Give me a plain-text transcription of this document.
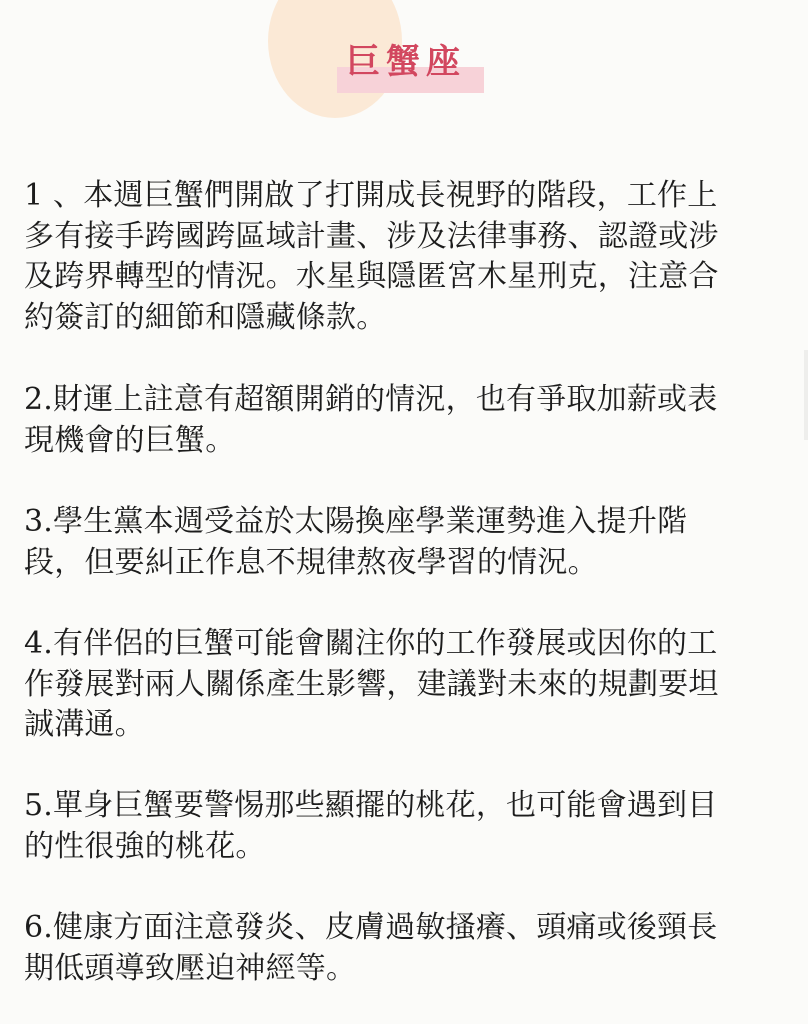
巨蟹座

1 、本週巨蟹們開啟了打開成長視野的階段，工作上
多有接手跨國跨區域計畫、涉及法律事務、認證或涉
及跨界轉型的情況。水星與隱匿宮木星刑克，注意合
約簽訂的細節和隱藏條款。

2.財運上註意有超額開銷的情況，也有爭取加薪或表
現機會的巨蟹。

3.學生黨本週受益於太陽換座學業運勢進入提升階
段，但要糾正作息不規律熬夜學習的情況。

4.有伴侶的巨蟹可能會關注你的工作發展或因你的工
作發展對兩人關係產生影響，建議對未來的規劃要坦
誠溝通。

5.單身巨蟹要警惕那些顯擺的桃花，也可能會遇到目
的性很強的桃花。

6.健康方面注意發炎、皮膚過敏搔癢、頭痛或後頸長
期低頭導致壓迫神經等。
